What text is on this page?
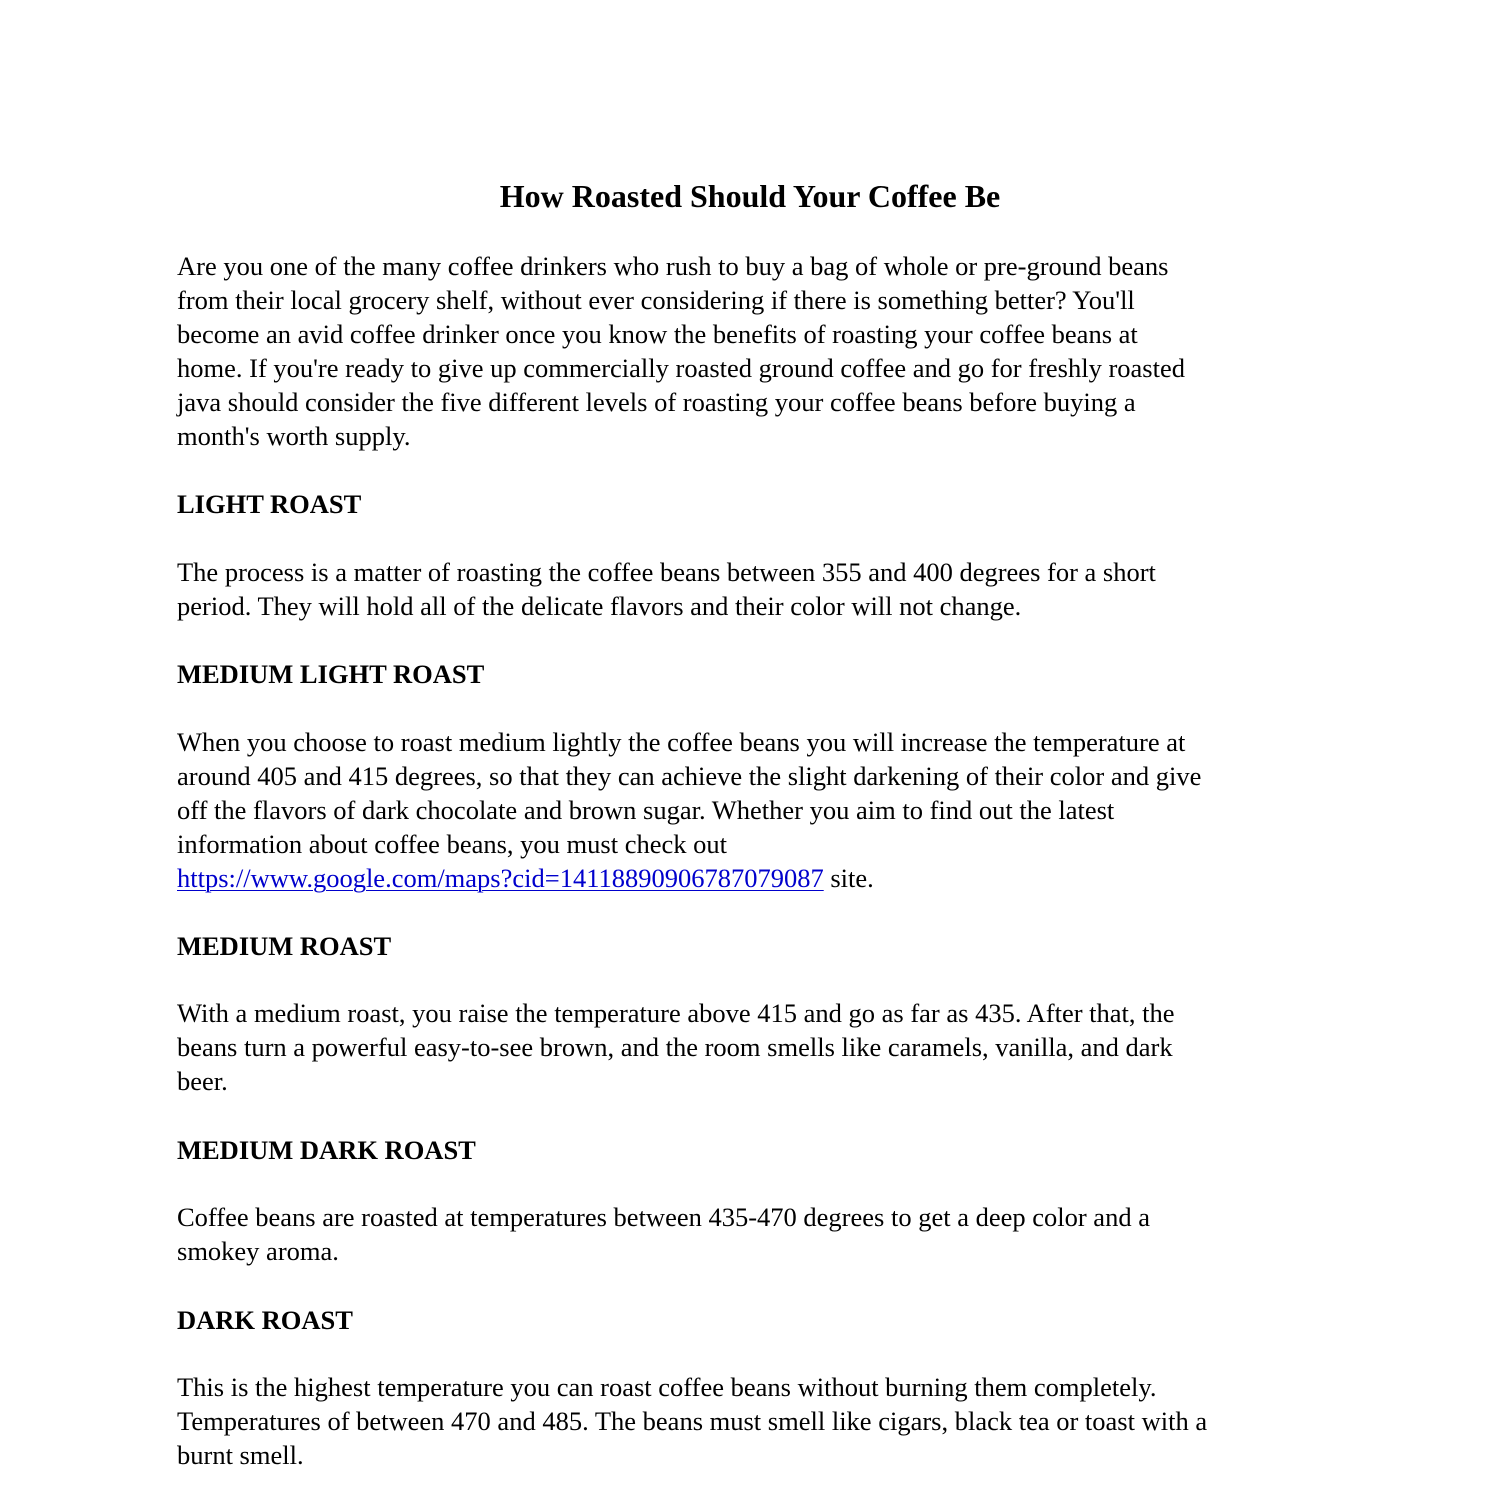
How Roasted Should Your Coffee Be

Are you one of the many coffee drinkers who rush to buy a bag of whole or pre-ground beans
from their local grocery shelf, without ever considering if there is something better? You'll
become an avid coffee drinker once you know the benefits of roasting your coffee beans at
home. If you're ready to give up commercially roasted ground coffee and go for freshly roasted
java should consider the five different levels of roasting your coffee beans before buying a
month's worth supply.

LIGHT ROAST

The process is a matter of roasting the coffee beans between 355 and 400 degrees for a short
period. They will hold all of the delicate flavors and their color will not change.

MEDIUM LIGHT ROAST

When you choose to roast medium lightly the coffee beans you will increase the temperature at
around 405 and 415 degrees, so that they can achieve the slight darkening of their color and give
off the flavors of dark chocolate and brown sugar. Whether you aim to find out the latest
information about coffee beans, you must check out
https://www.google.com/maps?cid=14118890906787079087 site.

MEDIUM ROAST

With a medium roast, you raise the temperature above 415 and go as far as 435. After that, the
beans turn a powerful easy-to-see brown, and the room smells like caramels, vanilla, and dark
beer.

MEDIUM DARK ROAST

Coffee beans are roasted at temperatures between 435-470 degrees to get a deep color and a
smokey aroma.

DARK ROAST

This is the highest temperature you can roast coffee beans without burning them completely.
Temperatures of between 470 and 485. The beans must smell like cigars, black tea or toast with a
burnt smell.
